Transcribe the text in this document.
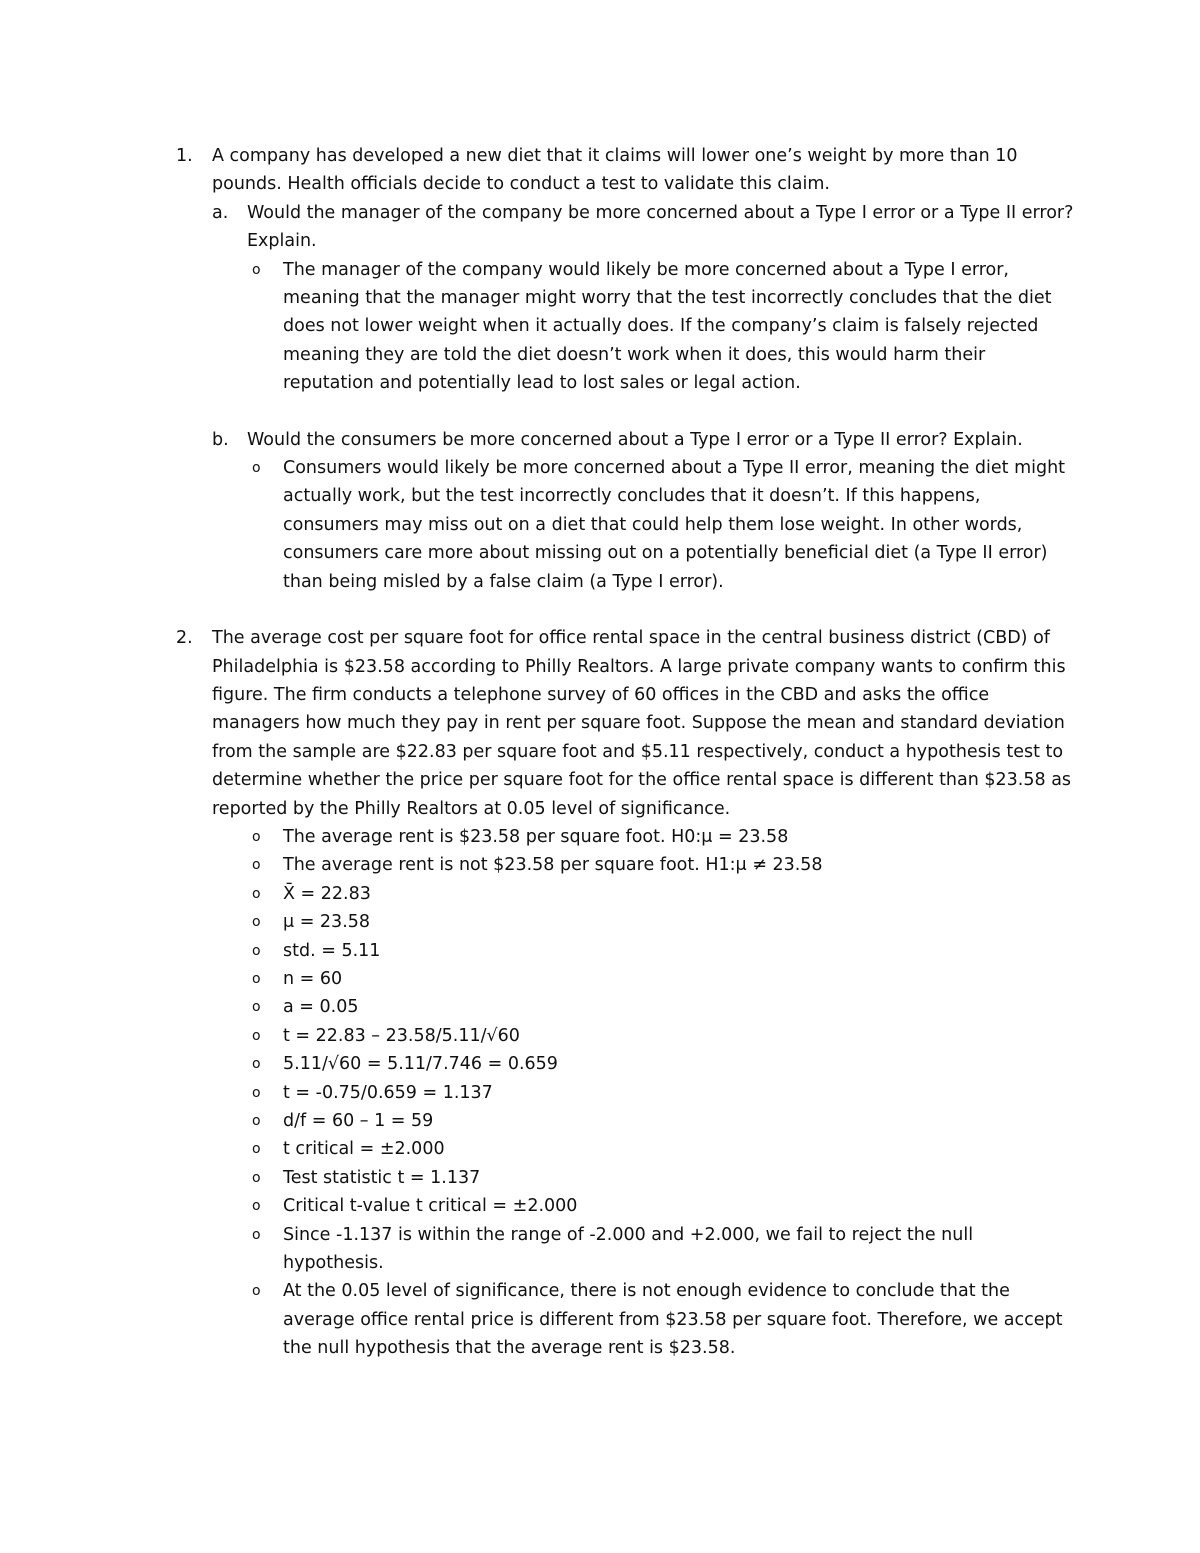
1. A company has developed a new diet that it claims will lower one’s weight by more than 10 pounds. Health officials decide to conduct a test to validate this claim.
a. Would the manager of the company be more concerned about a Type I error or a Type II error? Explain.
o The manager of the company would likely be more concerned about a Type I error, meaning that the manager might worry that the test incorrectly concludes that the diet does not lower weight when it actually does. If the company’s claim is falsely rejected meaning they are told the diet doesn’t work when it does, this would harm their reputation and potentially lead to lost sales or legal action.
b. Would the consumers be more concerned about a Type I error or a Type II error? Explain.
o Consumers would likely be more concerned about a Type II error, meaning the diet might actually work, but the test incorrectly concludes that it doesn’t. If this happens, consumers may miss out on a diet that could help them lose weight. In other words, consumers care more about missing out on a potentially beneficial diet (a Type II error) than being misled by a false claim (a Type I error).
2. The average cost per square foot for office rental space in the central business district (CBD) of Philadelphia is $23.58 according to Philly Realtors. A large private company wants to confirm this figure. The firm conducts a telephone survey of 60 offices in the CBD and asks the office managers how much they pay in rent per square foot. Suppose the mean and standard deviation from the sample are $22.83 per square foot and $5.11 respectively, conduct a hypothesis test to determine whether the price per square foot for the office rental space is different than $23.58 as reported by the Philly Realtors at 0.05 level of significance.
o The average rent is $23.58 per square foot. H0:μ = 23.58
o The average rent is not $23.58 per square foot. H1:μ ≠ 23.58
o X̄ = 22.83
o μ = 23.58
o std. = 5.11
o n = 60
o a = 0.05
o t = 22.83 – 23.58/5.11/√60
o 5.11/√60 = 5.11/7.746 = 0.659
o t = -0.75/0.659 = 1.137
o d/f = 60 – 1 = 59
o t critical = ±2.000
o Test statistic t = 1.137
o Critical t-value t critical = ±2.000
o Since -1.137 is within the range of -2.000 and +2.000, we fail to reject the null hypothesis.
o At the 0.05 level of significance, there is not enough evidence to conclude that the average office rental price is different from $23.58 per square foot. Therefore, we accept the null hypothesis that the average rent is $23.58.
